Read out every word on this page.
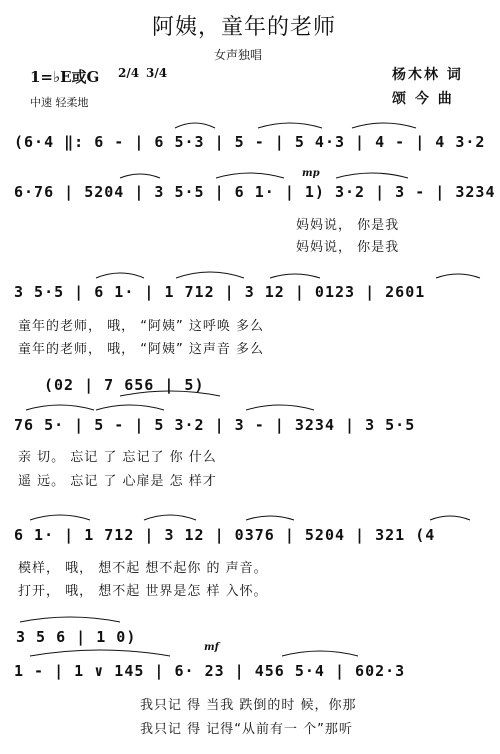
阿姨，童年的老师
女声独唱
1=♭E或G 2/4 3/4
中速 轻柔地
杨木林 词
颂 今 曲
(6·4 ‖: 6 - | 6 5·3 | 5 - | 5 4·3 | 4 - | 4 3·2
6·76 | 5204 | 3 5·5 | 6 1· | 1) 3·2 | 3 - | 3234
mp
妈妈说， 你是我
妈妈说， 你是我
3 5·5 | 6 1· | 1 712 | 3 12 | 0123 | 2601
童年的老师， 哦， “阿姨” 这呼唤 多么
童年的老师， 哦， “阿姨” 这声音 多么
(02 | 7 656 | 5)
76 5· | 5 - | 5 3·2 | 3 - | 3234 | 3 5·5
亲 切。 忘记 了 忘记了 你 什么
遥 远。 忘记 了 心扉是 怎 样才
6 1· | 1 712 | 3 12 | 0376 | 5204 | 321 (4
模样， 哦， 想不起 想不起你 的 声音。
打开， 哦， 想不起 世界是怎 样 入怀。
3 5 6 | 1 0)
1 - | 1 ∨ 145 | 6· 23 | 456 5·4 | 602·3
mf
我只记 得 当我 跌倒的时 候，你那
我只记 得 记得“从前有一 个”那听
